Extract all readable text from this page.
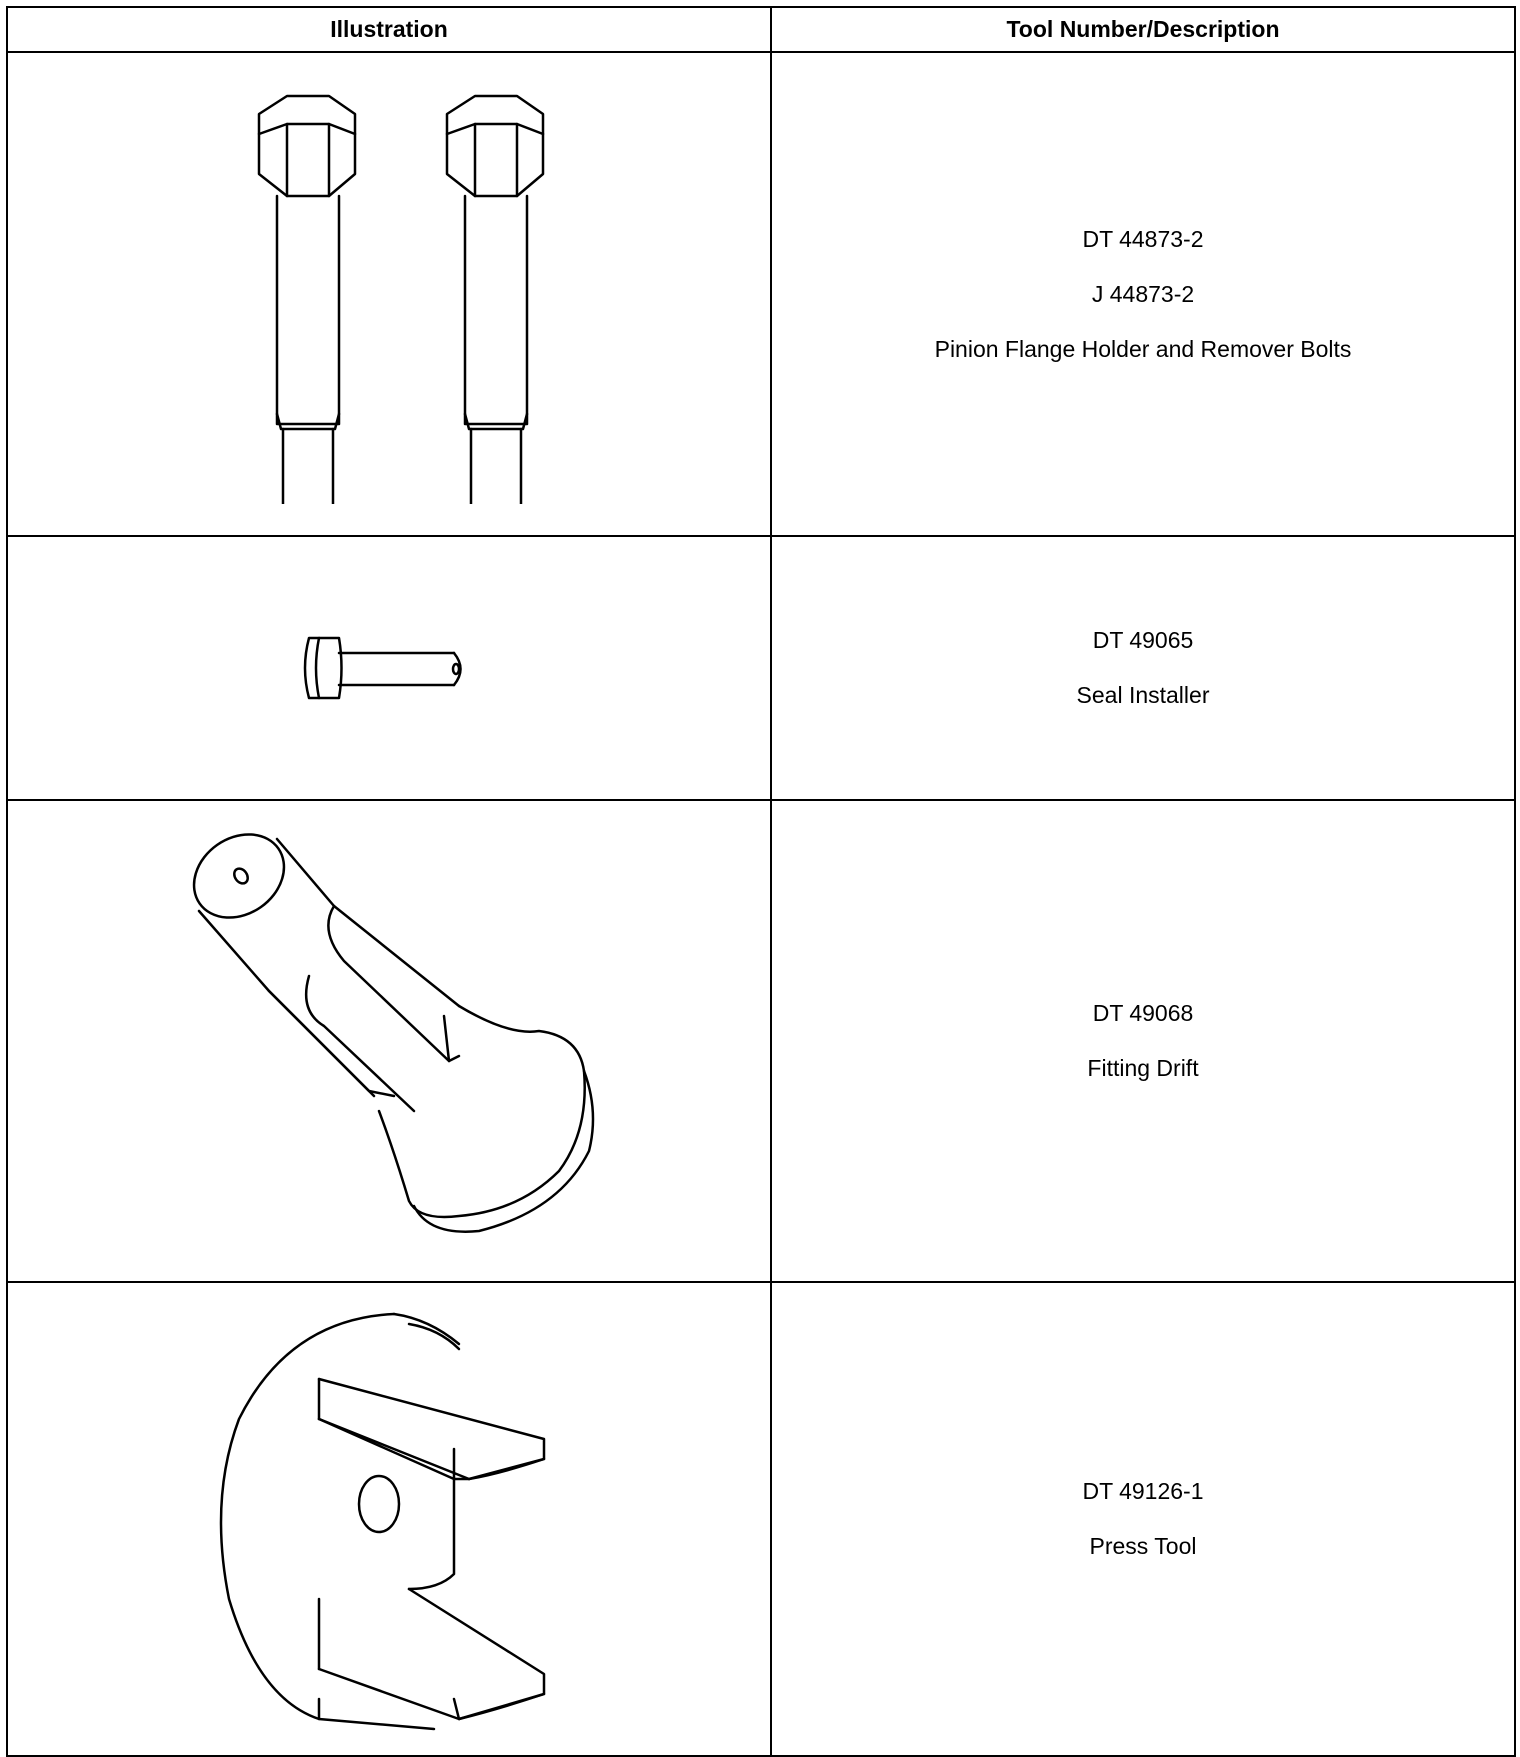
Illustration	Tool Number/Description

DT 44873-2
J 44873-2
Pinion Flange Holder and Remover Bolts

DT 49065
Seal Installer

DT 49068
Fitting Drift

DT 49126-1
Press Tool
